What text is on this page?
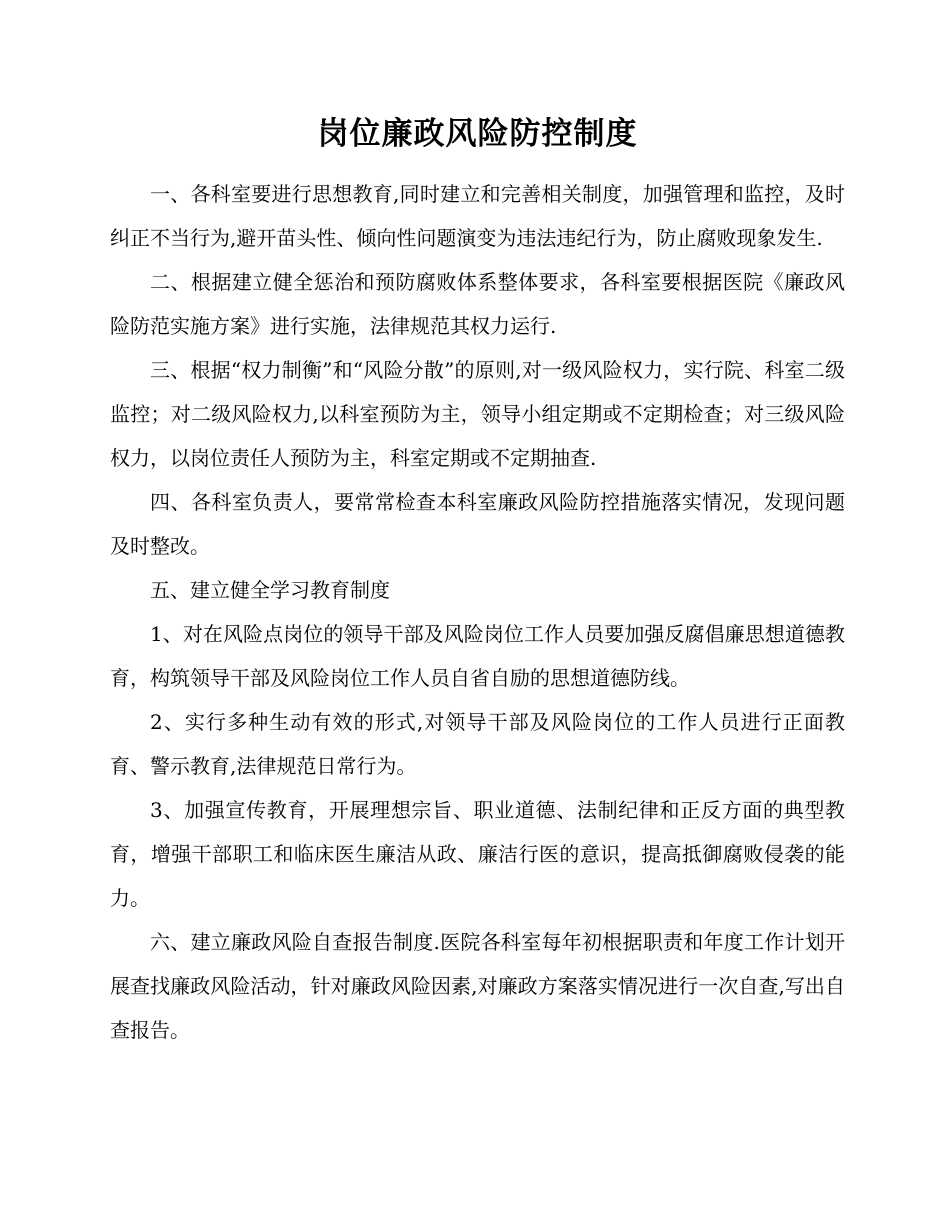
岗位廉政风险防控制度

一、各科室要进行思想教育,同时建立和完善相关制度，加强管理和监控，及时纠正不当行为,避开苗头性、倾向性问题演变为违法违纪行为，防止腐败现象发生.

二、根据建立健全惩治和预防腐败体系整体要求，各科室要根据医院《廉政风险防范实施方案》进行实施，法律规范其权力运行.

三、根据“权力制衡”和“风险分散”的原则,对一级风险权力，实行院、科室二级监控；对二级风险权力,以科室预防为主，领导小组定期或不定期检查；对三级风险权力，以岗位责任人预防为主，科室定期或不定期抽查.

四、各科室负责人，要常常检查本科室廉政风险防控措施落实情况，发现问题及时整改。

五、建立健全学习教育制度

1、对在风险点岗位的领导干部及风险岗位工作人员要加强反腐倡廉思想道德教育，构筑领导干部及风险岗位工作人员自省自励的思想道德防线。

2、实行多种生动有效的形式,对领导干部及风险岗位的工作人员进行正面教育、警示教育,法律规范日常行为。

3、加强宣传教育，开展理想宗旨、职业道德、法制纪律和正反方面的典型教育，增强干部职工和临床医生廉洁从政、廉洁行医的意识，提高抵御腐败侵袭的能力。

六、建立廉政风险自查报告制度.医院各科室每年初根据职责和年度工作计划开展查找廉政风险活动，针对廉政风险因素,对廉政方案落实情况进行一次自查,写出自查报告。
